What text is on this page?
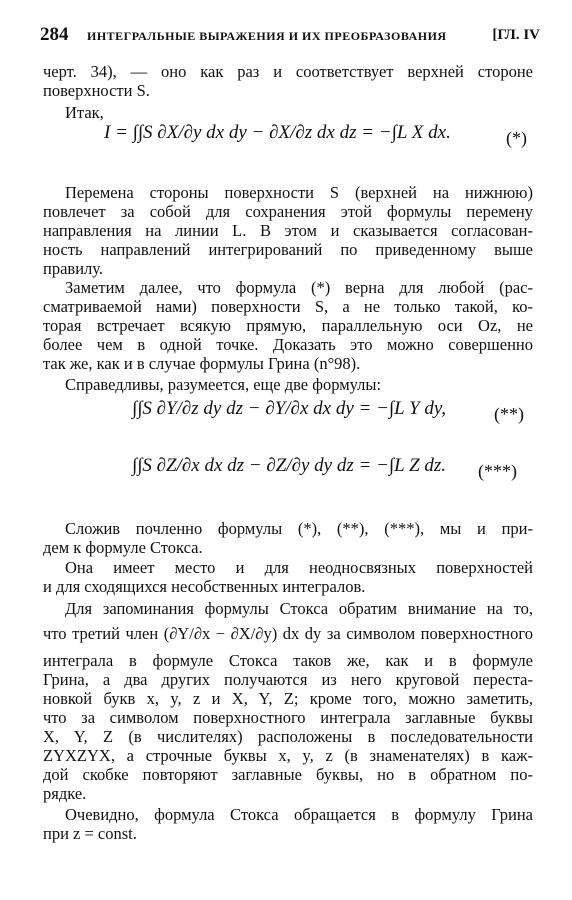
284 ИНТЕГРАЛЬНЫЕ ВЫРАЖЕНИЯ И ИХ ПРЕОБРАЗОВАНИЯ	[ГЛ. IV
черт. 34), — оно как раз и соответствует верхней стороне
поверхности S.
Итак,
I = ∫∫S ∂X/∂y dx dy − ∂X/∂z dx dz = −∫L X dx.	(*)
Перемена стороны поверхности S (верхней на нижнюю)
повлечет за собой для сохранения этой формулы перемену
направления на линии L. В этом и сказывается согласован-
ность направлений интегрирований по приведенному выше
правилу.
Заметим далее, что формула (*) верна для любой (рас-
сматриваемой нами) поверхности S, а не только такой, ко-
торая встречает всякую прямую, параллельную оси Oz, не
более чем в одной точке. Доказать это можно совершенно
так же, как и в случае формулы Грина (n°98).
Справедливы, разумеется, еще две формулы:
∫∫S ∂Y/∂z dy dz − ∂Y/∂x dx dy = −∫L Y dy,	(**)
∫∫S ∂Z/∂x dx dz − ∂Z/∂y dy dz = −∫L Z dz. (***)
Сложив почленно формулы (*), (**), (***), мы и при-
дем к формуле Стокса.
Она имеет место и для неодносвязных поверхностей
и для сходящихся несобственных интегралов.
Для запоминания формулы Стокса обратим внимание на то,
что третий член (∂Y/∂x − ∂X/∂y) dx dy за символом поверхностного
интеграла в формуле Стокса таков же, как и в формуле
Грина, а два других получаются из него круговой переста-
новкой букв x, y, z и X, Y, Z; кроме того, можно заметить,
что за символом поверхностного интеграла заглавные буквы
X, Y, Z (в числителях) расположены в последовательности
ZYXZYX, а строчные буквы x, y, z (в знаменателях) в каж-
дой скобке повторяют заглавные буквы, но в обратном по-
рядке.
Очевидно, формула Стокса обращается в формулу Грина
при z = const.
